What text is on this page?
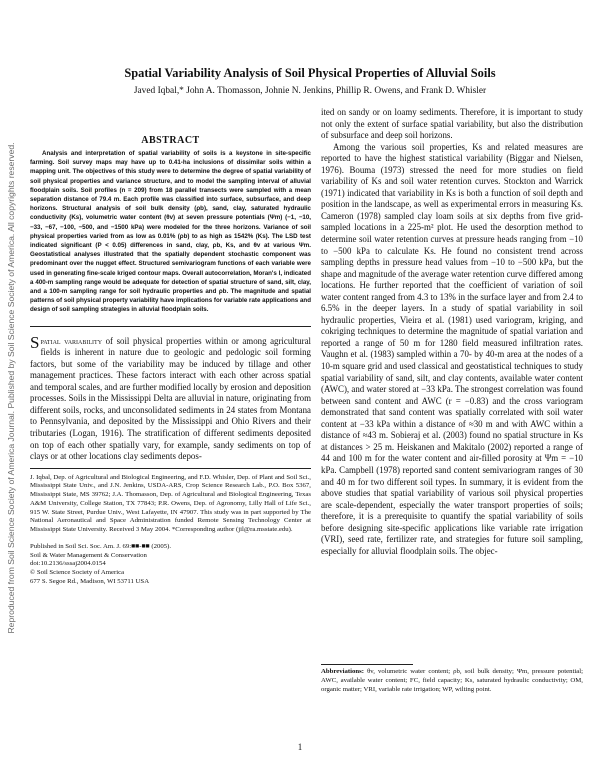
Reproduced from Soil Science Society of America Journal. Published by Soil Science Society of America. All copyrights reserved.
Spatial Variability Analysis of Soil Physical Properties of Alluvial Soils
Javed Iqbal,* John A. Thomasson, Johnie N. Jenkins, Phillip R. Owens, and Frank D. Whisler
ABSTRACT

Analysis and interpretation of spatial variability of soils is a keystone in site-specific farming. Soil survey maps may have up to 0.41-ha inclusions of dissimilar soils within a mapping unit. The objectives of this study were to determine the degree of spatial variability of soil physical properties and variance structure, and to model the sampling interval of alluvial floodplain soils. Soil profiles (n = 209) from 18 parallel transects were sampled with a mean separation distance of 79.4 m. Each profile was classified into surface, subsurface, and deep horizons. Structural analysis of soil bulk density (ρb), sand, clay, saturated hydraulic conductivity (Ks), volumetric water content (θv) at seven pressure potentials (Ψm) (−1, −10, −33, −67, −100, −500, and −1500 kPa) were modeled for the three horizons. Variance of soil physical properties varied from as low as 0.01% (ρb) to as high as 1542% (Ks). The LSD test indicated significant (P < 0.05) differences in sand, clay, ρb, Ks, and θv at various Ψm. Geostatistical analyses illustrated that the spatially dependent stochastic component was predominant over the nugget effect. Structured semivariogram functions of each variable were used in generating fine-scale kriged contour maps. Overall autocorrelation, Moran's I, indicated a 400-m sampling range would be adequate for detection of spatial structure of sand, silt, clay, and a 100-m sampling range for soil hydraulic properties and ρb. The magnitude and spatial patterns of soil physical property variability have implications for variable rate applications and design of soil sampling strategies in alluvial floodplain soils.

Spatial variability of soil physical properties within or among agricultural fields is inherent in nature due to geologic and pedologic soil forming factors, but some of the variability may be induced by tillage and other management practices. These factors interact with each other across spatial and temporal scales, and are further modified locally by erosion and deposition processes. Soils in the Mississippi Delta are alluvial in nature, originating from different soils, rocks, and unconsolidated sediments in 24 states from Montana to Pennsylvania, and deposited by the Mississippi and Ohio Rivers and their tributaries (Logan, 1916). The stratification of different sediments deposited on top of each other spatially vary, for example, sandy sediments on top of clays or at other locations clay sediments depos-

J. Iqbal, Dep. of Agricultural and Biological Engineering, and F.D. Whisler, Dep. of Plant and Soil Sci., Mississippi State Univ., and J.N. Jenkins, USDA-ARS, Crop Science Research Lab., P.O. Box 5367, Mississippi State, MS 39762; J.A. Thomasson, Dep. of Agricultural and Biological Engineering, Texas A&M University, College Station, TX 77843; P.R. Owens, Dep. of Agronomy, Lilly Hall of Life Sci., 915 W. State Street, Purdue Univ., West Lafayette, IN 47907. This study was in part supported by The National Aeronautical and Space Administration funded Remote Sensing Technology Center at Mississippi State University. Received 3 May 2004. *Corresponding author (jil@ra.msstate.edu).

Published in Soil Sci. Soc. Am. J. 69:■■-■■ (2005).
Soil & Water Management & Conservation
doi:10.2136/sssaj2004.0154
© Soil Science Society of America
677 S. Segoe Rd., Madison, WI 53711 USA

ited on sandy or on loamy sediments. Therefore, it is important to study not only the extent of surface spatial variability, but also the distribution of subsurface and deep soil horizons.

Among the various soil properties, Ks and related measures are reported to have the highest statistical variability (Biggar and Nielsen, 1976). Bouma (1973) stressed the need for more studies on field variability of Ks and soil water retention curves. Stockton and Warrick (1971) indicated that variability in Ks is both a function of soil depth and position in the landscape, as well as experimental errors in measuring Ks. Cameron (1978) sampled clay loam soils at six depths from five grid-sampled locations in a 225-m² plot. He used the desorption method to determine soil water retention curves at pressure heads ranging from −10 to −500 kPa to calculate Ks. He found no consistent trend across sampling depths in pressure head values from −10 to −500 kPa, but the shape and magnitude of the average water retention curve differed among locations. He further reported that the coefficient of variation of soil water content ranged from 4.3 to 13% in the surface layer and from 2.4 to 6.5% in the deeper layers. In a study of spatial variability in soil hydraulic properties, Vieira et al. (1981) used variogram, kriging, and cokriging techniques to determine the magnitude of spatial variation and reported a range of 50 m for 1280 field measured infiltration rates. Vaughn et al. (1983) sampled within a 70- by 40-m area at the nodes of a 10-m square grid and used classical and geostatistical techniques to study spatial variability of sand, silt, and clay contents, available water content (AWC), and water stored at −33 kPa. The strongest correlation was found between sand content and AWC (r = −0.83) and the cross variogram demonstrated that sand content was spatially correlated with soil water content at −33 kPa within a distance of ≈30 m and with AWC within a distance of ≈43 m. Sobieraj et al. (2003) found no spatial structure in Ks at distances > 25 m. Heiskanen and Makitalo (2002) reported a range of 44 and 100 m for the water content and air-filled porosity at Ψm = −10 kPa. Campbell (1978) reported sand content semivariogram ranges of 30 and 40 m for two different soil types. In summary, it is evident from the above studies that spatial variability of various soil physical properties are scale-dependent, especially the water transport properties of soils; therefore, it is a prerequisite to quantify the spatial variability of soils before designing site-specific applications like variable rate irrigation (VRI), seed rate, fertilizer rate, and strategies for future soil sampling, especially for alluvial floodplain soils. The objec-

Abbreviations: θv, volumetric water content; ρb, soil bulk density; Ψm, pressure potential; AWC, available water content; FC, field capacity; Ks, saturated hydraulic conductivity; OM, organic matter; VRI, variable rate irrigation; WP, wilting point.
1
